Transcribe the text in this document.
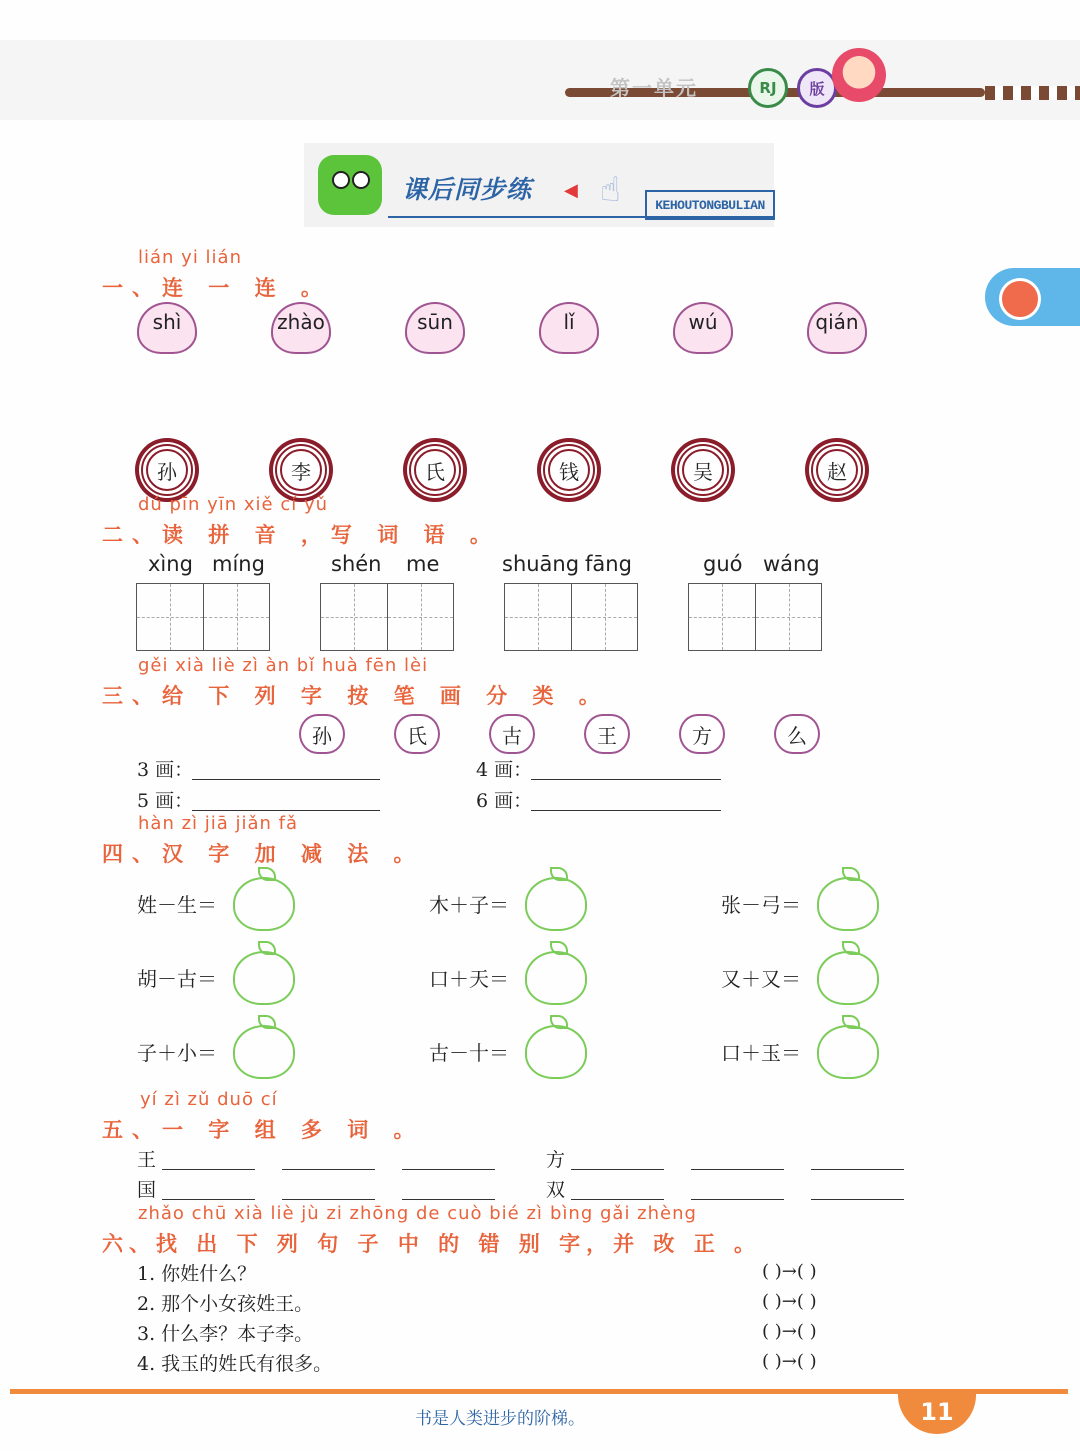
第一单元	RJ	版
课后同步练 ◀ ☝	KEHOUTONGBULIAN
lián yi lián
一、连 一 连 。
shì	zhào	sūn	lǐ	wú	qián
孙	李	氏	钱	吴	赵
dú pīn yīn xiě cí yǔ
二、读 拼 音 ，写 词 语 。
xìng míng	shén me	shuāng fāng	guó wáng
gěi xià liè zì àn bǐ huà fēn lèi
三、给 下 列 字 按 笔 画 分 类 。
孙	氏	古	王	方	么
3 画：	4 画：
5 画：	6 画：
hàn zì jiā jiǎn fǎ
四、汉 字 加 减 法 。
姓－生＝	木＋子＝	张－弓＝
胡－古＝	口＋天＝	又＋又＝
子＋小＝	古－十＝	口＋玉＝
yí zì zǔ duō cí
五、一 字 组 多 词 。
王	方
国	双
zhǎo chū xià liè jù zi zhōng de cuò bié zì bìng gǎi zhèng
六、找 出 下 列 句 子 中 的 错 别 字，并 改 正 。
1. 你姓什么？	( )→( )
2. 那个小女孩姓王。	( )→( )
3. 什么李？本子李。	( )→( )
4. 我玉的姓氏有很多。	( )→( )
书是人类进步的阶梯。	11
